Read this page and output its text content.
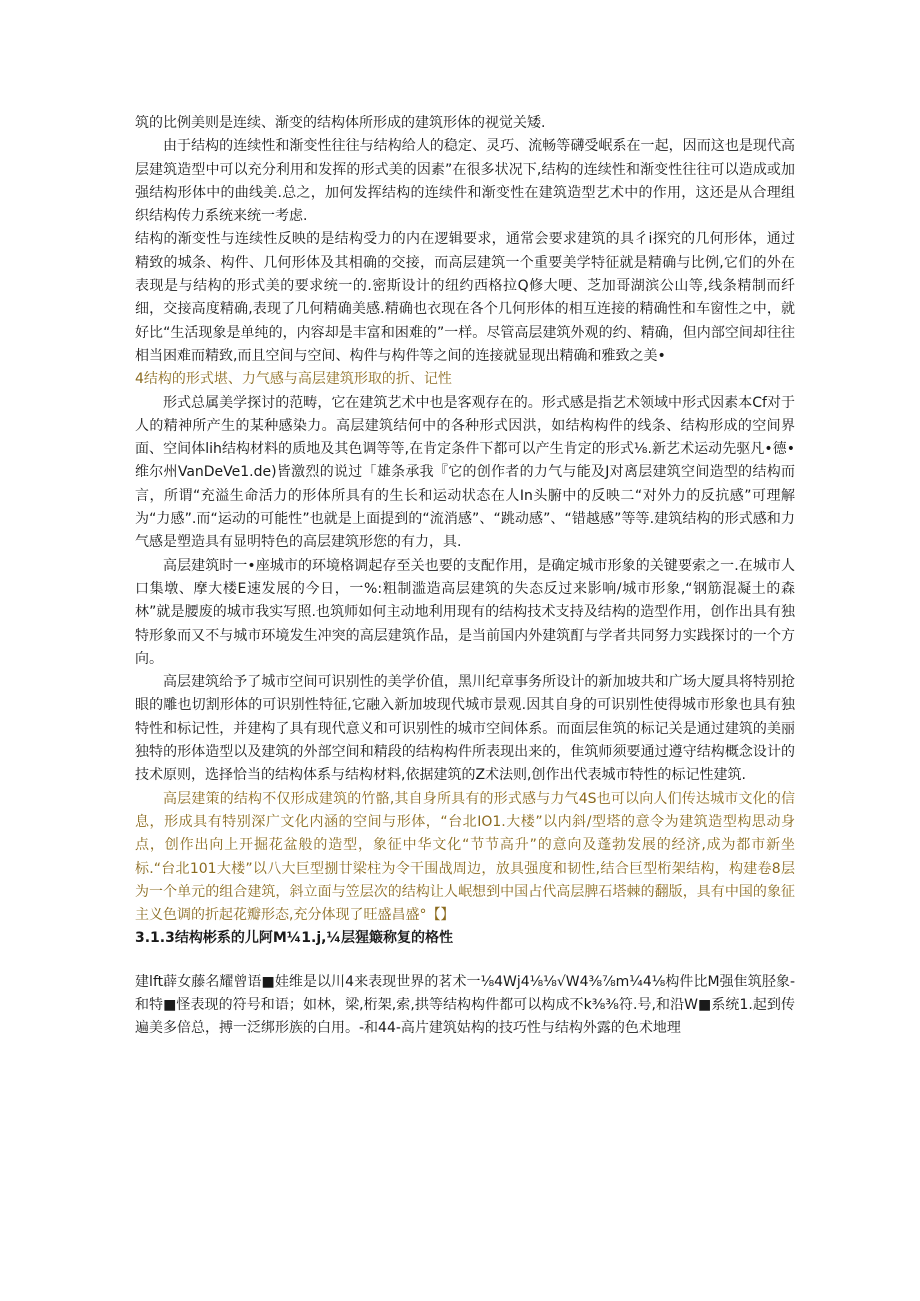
筑的比例美则是连续、渐变的结构体所形成的建筑形体的视觉关矮.

由于结构的连续性和渐变性往往与结构给人的稳定、灵巧、流畅等礴受岷系在一起，因而这也是现代高层建筑造型中可以充分利用和发挥的形式美的因素”在很多状况下,结构的连续性和渐变性往往可以造成或加强结构形体中的曲线美.总之，加何发挥结构的连续件和渐变性在建筑造型艺术中的作用，这还是从合理组织结构传力系统来统一考虑.

结构的渐变性与连续性反映的是结构受力的内在逻辑要求，通常会要求建筑的具彳i探究的几何形体，通过精致的城条、构件、几何形体及其相确的交接，而高层建筑一个重要美学特征就是精确与比例,它们的外在表现是与结构的形式美的要求统一的.密斯设计的纽约西格拉Q修大哽、芝加哥湖滨公山等,线条精制而纤细，交接高度精确,表现了几何精确美感.精确也衣现在各个几何形体的相互连接的精确性和车窗性之中，就好比“生活现象是单纯的，内容却是丰富和困难的”一样。尽管高层建筑外观的约、精确，但内部空间却往往相当困难而精致,而且空间与空间、构件与构件等之间的连接就显现出精确和雅致之美•

4结构的形式堪、力气感与高层建筑形取的折、记性

形式总属美学探讨的范畴，它在建筑艺术中也是客观存在的。形式感是指艺术领域中形式因素本Cf对于人的精神所产生的某种感染力。高层建筑结何中的各种形式因洪，如结构构件的线条、结构形成的空间界面、空间体lih结构材料的质地及其色调等等,在肯定条件下都可以产生肯定的形式⅛.新艺术运动先驱凡•德•维尔州VanDeVe1.de)皆激烈的说过「雄条承我『它的创作者的力气与能及J对离层建筑空间造型的结构而言，所谓“充溢生命活力的形体所具有的生长和运动状态在人In头腑中的反映二“对外力的反抗感”可理解为“力感”.而“运动的可能性”也就是上面提到的“流消感”、“跳动感”、“错越感”等等.建筑结构的形式感和力气感是塑造具有显明特色的高层建筑形您的有力，具.

高层建筑时一•座城市的环境格调起存至关也要的支配作用，是确定城市形象的关键要索之一.在城市人口集墩、摩大楼E速发展的今日，一%:粗制滥造高层建筑的失态反过来影响/城市形象,“钢筋混凝土的森林”就是腰废的城市我实写照.也筑师如何主动地利用现有的结构技术支持及结构的造型作用，创作出具有独特形象而又不与城市环境发生冲突的高层建筑作品，是当前国内外建筑酊与学者共同努力实践探讨的一个方向。

高层建筑给予了城市空间可识别性的美学价值，黑川纪章事务所设计的新加坡共和广场大厦具将特别抢眼的雕也切割形体的可识别性特征,它融入新加坡现代城市景观.因其自身的可识别性使得城市形象也具有独特性和标记性，并建构了具有现代意义和可识别性的城市空间体系。而面层隹筑的标记关是通过建筑的美丽独特的形体造型以及建筑的外部空间和精段的结构构件所表现出来的，隹筑师须要通过遵守结构概念设计的技术原则，选择恰当的结构体系与结构材料,依据建筑的Z术法则,创作出代表城市特性的标记性建筑.

高层建策的结构不仅形成建筑的竹骼,其自身所具有的形式感与力气4S也可以向人们传达城市文化的信息，形成具有特别深广文化内涵的空间与形体，“台北IO1.大楼”以内斜/型塔的意令为建筑造型构思动身点，创作出向上开掘花盆般的造型，象征中华文化“节节高升”的意向及蓬勃发展的经济,成为都市新坐标.“台北101大楼”以八大巨型捌廿梁柱为令干围战周边，放具强度和韧性,结合巨型桁架结构，构建卷8层为一个单元的组合建筑，斜立面与笠层次的结构让人岷想到中国占代高层脾石塔棘的翻版，具有中国的象征主义色调的折起花瓣形态,充分体现了旺盛昌盛°【】

3.1.3结构彬系的儿阿M¼1.j,¼层猩簸称复的格性

建lft薜女藤名耀曾语■娃维是以川4来表现世界的茗术一⅛4Wj4⅛⅛√W4⅜⅞m¼4⅛构件比M强隹筑胫象-和特■怪表现的符号和语；如林，梁,桁架,索,拱等结构构件都可以构成不k⅜⅜符.号,和沿W■系统1.起到传遍美多倍总，搏一泛绑形族的白用。-和44-高片建筑姑构的技巧性与结构外露的色术地理
